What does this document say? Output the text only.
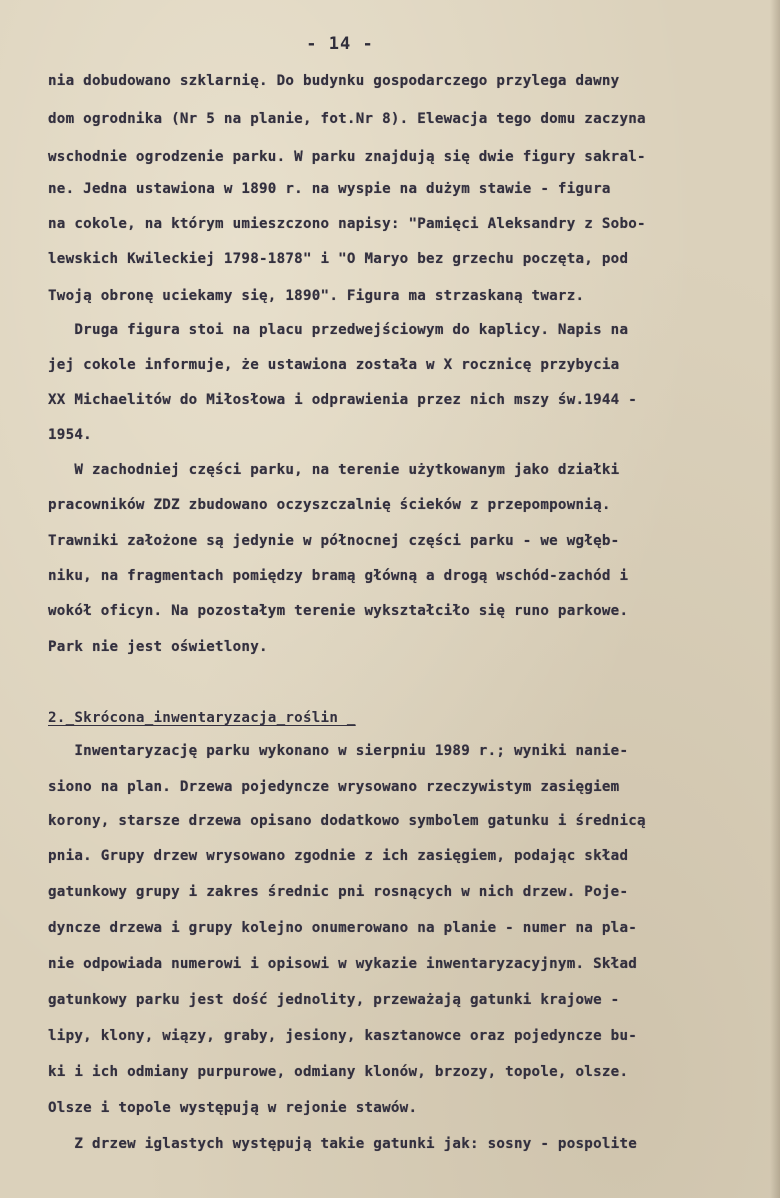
- 14 -
nia dobudowano szklarnię. Do budynku gospodarczego przylega dawny
dom ogrodnika (Nr 5 na planie, fot.Nr 8). Elewacja tego domu zaczyna
wschodnie ogrodzenie parku. W parku znajdują się dwie figury sakral-
ne. Jedna ustawiona w 1890 r. na wyspie na dużym stawie - figura
na cokole, na którym umieszczono napisy: "Pamięci Aleksandry z Sobo-
lewskich Kwileckiej 1798-1878" i "O Maryo bez grzechu poczęta, pod
Twoją obronę uciekamy się, 1890". Figura ma strzaskaną twarz.
Druga figura stoi na placu przedwejściowym do kaplicy. Napis na
jej cokole informuje, że ustawiona została w X rocznicę przybycia
XX Michaelitów do Miłosłowa i odprawienia przez nich mszy św.1944 -
1954.
W zachodniej części parku, na terenie użytkowanym jako działki
pracowników ZDZ zbudowano oczyszczalnię ścieków z przepompownią.
Trawniki założone są jedynie w północnej części parku - we wgłęb-
niku, na fragmentach pomiędzy bramą główną a drogą wschód-zachód i
wokół oficyn. Na pozostałym terenie wykształciło się runo parkowe.
Park nie jest oświetlony.
2._Skrócona_inwentaryzacja_roślin _
Inwentaryzację parku wykonano w sierpniu 1989 r.; wyniki nanie-
siono na plan. Drzewa pojedyncze wrysowano rzeczywistym zasięgiem
korony, starsze drzewa opisano dodatkowo symbolem gatunku i średnicą
pnia. Grupy drzew wrysowano zgodnie z ich zasięgiem, podając skład
gatunkowy grupy i zakres średnic pni rosnących w nich drzew. Poje-
dyncze drzewa i grupy kolejno onumerowano na planie - numer na pla-
nie odpowiada numerowi i opisowi w wykazie inwentaryzacyjnym. Skład
gatunkowy parku jest dość jednolity, przeważają gatunki krajowe -
lipy, klony, wiązy, graby, jesiony, kasztanowce oraz pojedyncze bu-
ki i ich odmiany purpurowe, odmiany klonów, brzozy, topole, olsze.
Olsze i topole występują w rejonie stawów.
Z drzew iglastych występują takie gatunki jak: sosny - pospolite
